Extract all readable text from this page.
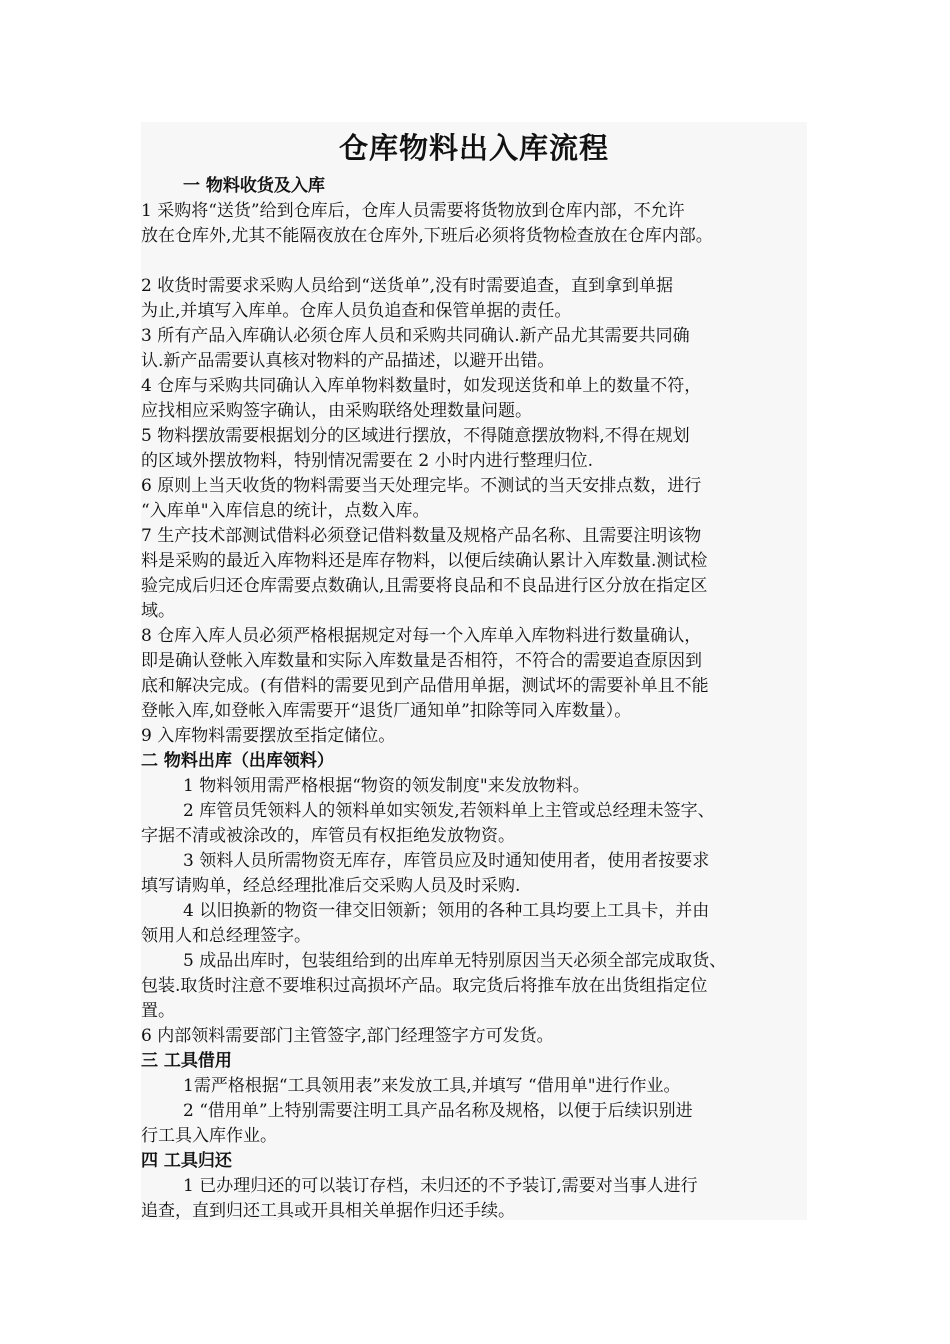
仓库物料出入库流程
一 物料收货及入库
1 采购将“送货”给到仓库后，仓库人员需要将货物放到仓库内部，不允许
放在仓库外,尤其不能隔夜放在仓库外,下班后必须将货物检查放在仓库内部。
2 收货时需要求采购人员给到“送货单”,没有时需要追查，直到拿到单据
为止,并填写入库单。仓库人员负追查和保管单据的责任。
3 所有产品入库确认必须仓库人员和采购共同确认.新产品尤其需要共同确
认.新产品需要认真核对物料的产品描述，以避开出错。
4 仓库与采购共同确认入库单物料数量时，如发现送货和单上的数量不符，
应找相应采购签字确认，由采购联络处理数量问题。
5 物料摆放需要根据划分的区域进行摆放，不得随意摆放物料,不得在规划
的区域外摆放物料，特别情况需要在 2 小时内进行整理归位.
6 原则上当天收货的物料需要当天处理完毕。不测试的当天安排点数，进行
“入库单"入库信息的统计，点数入库。
7 生产技术部测试借料必须登记借料数量及规格产品名称、且需要注明该物
料是采购的最近入库物料还是库存物料，以便后续确认累计入库数量.测试检
验完成后归还仓库需要点数确认,且需要将良品和不良品进行区分放在指定区
域。
8 仓库入库人员必须严格根据规定对每一个入库单入库物料进行数量确认，
即是确认登帐入库数量和实际入库数量是否相符，不符合的需要追查原因到
底和解决完成。(有借料的需要见到产品借用单据，测试坏的需要补单且不能
登帐入库,如登帐入库需要开“退货厂通知单”扣除等同入库数量）。
9 入库物料需要摆放至指定储位。
二 物料出库（出库领料）
1 物料领用需严格根据“物资的领发制度"来发放物料。
2 库管员凭领料人的领料单如实领发,若领料单上主管或总经理未签字、
字据不清或被涂改的，库管员有权拒绝发放物资。
3 领料人员所需物资无库存，库管员应及时通知使用者，使用者按要求
填写请购单，经总经理批准后交采购人员及时采购.
4 以旧换新的物资一律交旧领新；领用的各种工具均要上工具卡，并由
领用人和总经理签字。
5 成品出库时，包装组给到的出库单无特别原因当天必须全部完成取货、
包装.取货时注意不要堆积过高损坏产品。取完货后将推车放在出货组指定位
置。
6 内部领料需要部门主管签字,部门经理签字方可发货。
三 工具借用
1需严格根据“工具领用表”来发放工具,并填写 “借用单"进行作业。
2 “借用单”上特别需要注明工具产品名称及规格，以便于后续识别进
行工具入库作业。
四 工具归还
1 已办理归还的可以装订存档，未归还的不予装订,需要对当事人进行
追查，直到归还工具或开具相关单据作归还手续。
